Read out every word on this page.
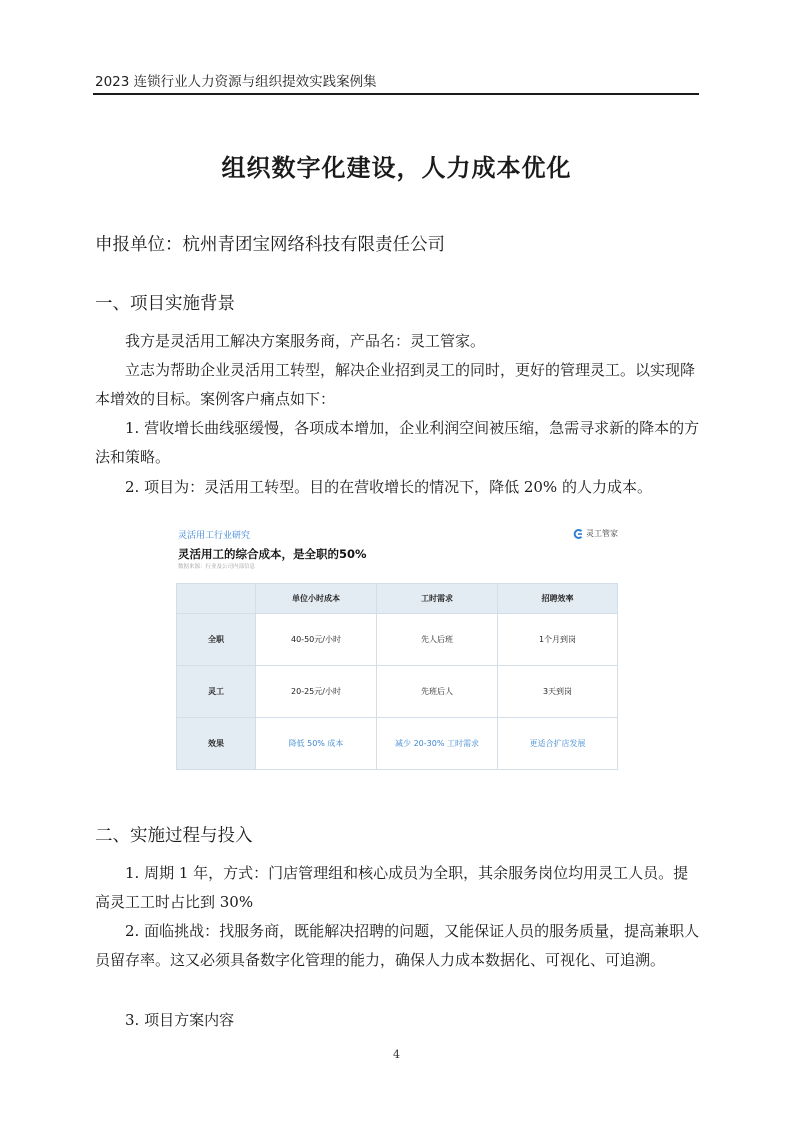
2023 连锁行业人力资源与组织提效实践案例集
组织数字化建设，人力成本优化
申报单位：杭州青团宝网络科技有限责任公司
一、项目实施背景

我方是灵活用工解决方案服务商，产品名：灵工管家。

立志为帮助企业灵活用工转型，解决企业招到灵工的同时，更好的管理灵工。以实现降本增效的目标。案例客户痛点如下：

1. 营收增长曲线驱缓慢，各项成本增加，企业利润空间被压缩，急需寻求新的降本的方法和策略。

2. 项目为：灵活用工转型。目的在营收增长的情况下，降低 20% 的人力成本。

灵活用工行业研究
灵活用工的综合成本，是全职的50%
数据来源：行业及公司内部信息
灵工管家
	单位小时成本	工时需求	招聘效率
全职	40-50元/小时	先人后班	1个月到岗
灵工	20-25元/小时	先班后人	3天到岗
效果	降低 50% 成本	减少 20-30% 工时需求	更适合扩店发展
二、实施过程与投入

1. 周期 1 年，方式：门店管理组和核心成员为全职，其余服务岗位均用灵工人员。提高灵工工时占比到 30%

2. 面临挑战：找服务商，既能解决招聘的问题，又能保证人员的服务质量，提高兼职人员留存率。这又必须具备数字化管理的能力，确保人力成本数据化、可视化、可追溯。

3. 项目方案内容

4
